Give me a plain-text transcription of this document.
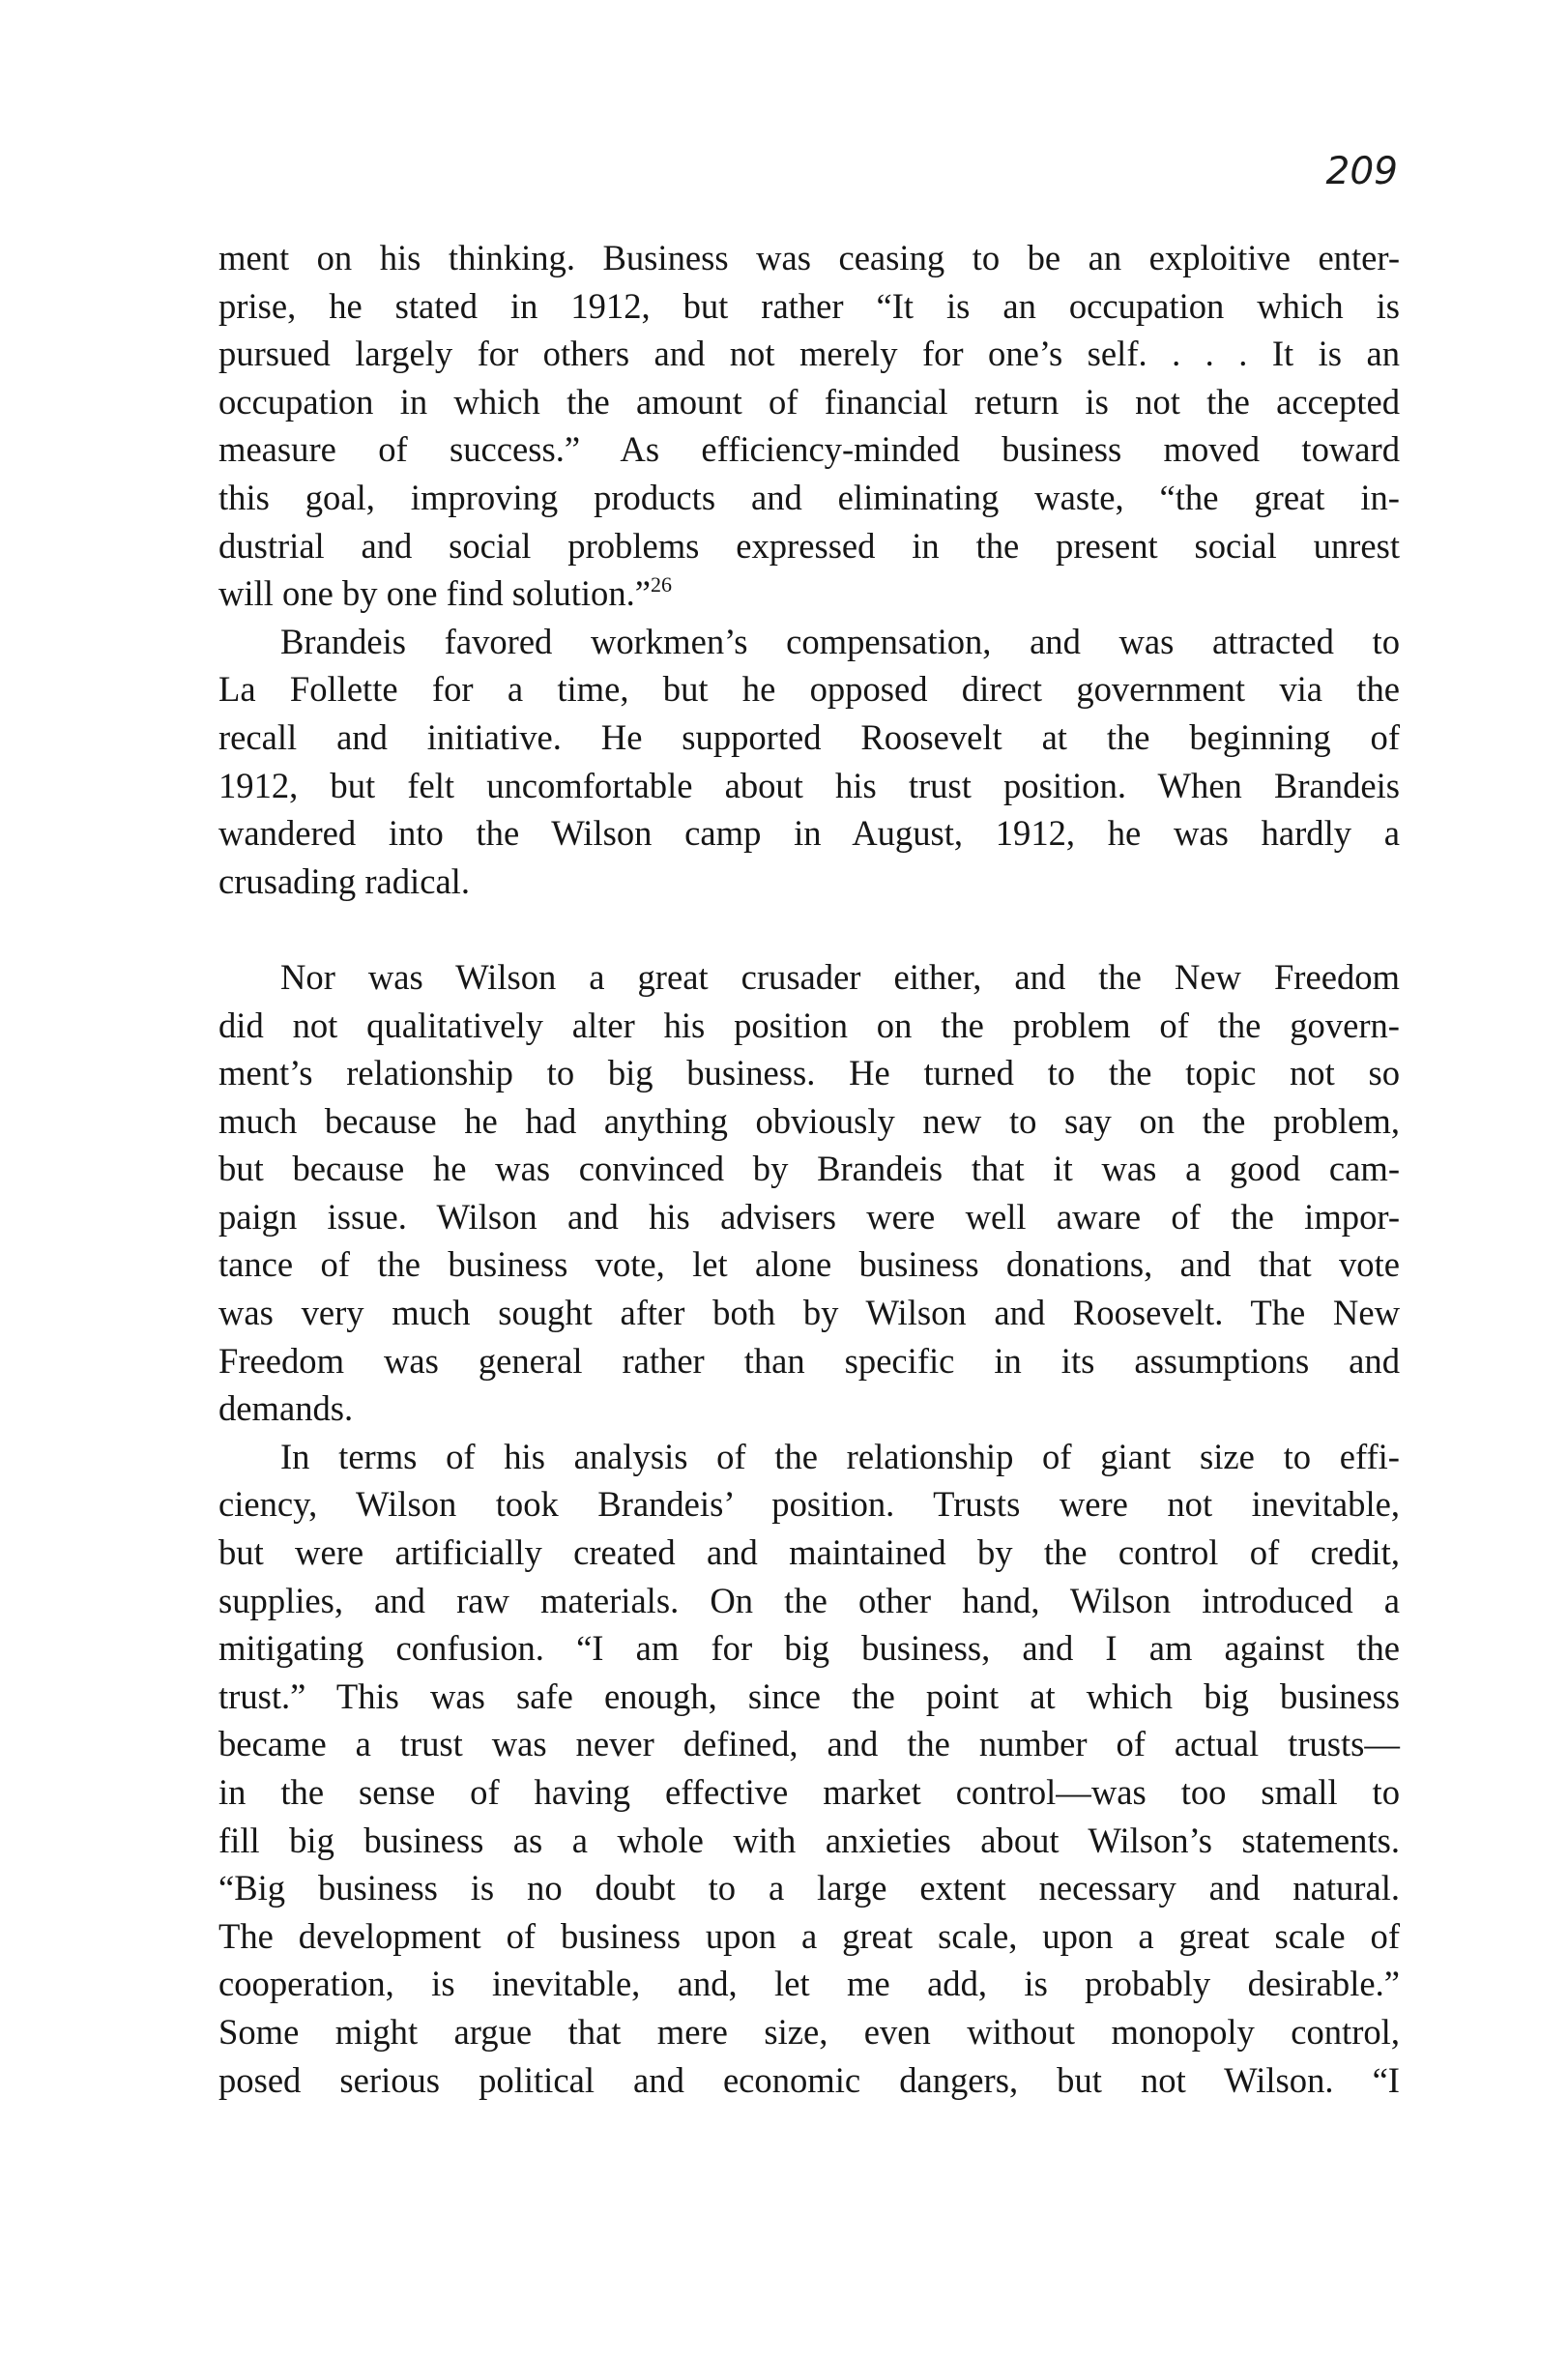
209
ment on his thinking. Business was ceasing to be an exploitive enter-
prise, he stated in 1912, but rather “It is an occupation which is
pursued largely for others and not merely for one’s self. . . . It is an
occupation in which the amount of financial return is not the accepted
measure of success.” As efficiency-minded business moved toward
this goal, improving products and eliminating waste, “the great in-
dustrial and social problems expressed in the present social unrest
will one by one find solution.”$^{26}$
Brandeis favored workmen’s compensation, and was attracted to
La Follette for a time, but he opposed direct government via the
recall and initiative. He supported Roosevelt at the beginning of
1912, but felt uncomfortable about his trust position. When Brandeis
wandered into the Wilson camp in August, 1912, he was hardly a
crusading radical.
Nor was Wilson a great crusader either, and the New Freedom
did not qualitatively alter his position on the problem of the govern-
ment’s relationship to big business. He turned to the topic not so
much because he had anything obviously new to say on the problem,
but because he was convinced by Brandeis that it was a good cam-
paign issue. Wilson and his advisers were well aware of the impor-
tance of the business vote, let alone business donations, and that vote
was very much sought after both by Wilson and Roosevelt. The New
Freedom was general rather than specific in its assumptions and
demands.
In terms of his analysis of the relationship of giant size to effi-
ciency, Wilson took Brandeis’ position. Trusts were not inevitable,
but were artificially created and maintained by the control of credit,
supplies, and raw materials. On the other hand, Wilson introduced a
mitigating confusion. “I am for big business, and I am against the
trust.” This was safe enough, since the point at which big business
became a trust was never defined, and the number of actual trusts—
in the sense of having effective market control—was too small to
fill big business as a whole with anxieties about Wilson’s statements.
“Big business is no doubt to a large extent necessary and natural.
The development of business upon a great scale, upon a great scale of
cooperation, is inevitable, and, let me add, is probably desirable.”
Some might argue that mere size, even without monopoly control,
posed serious political and economic dangers, but not Wilson. “I
